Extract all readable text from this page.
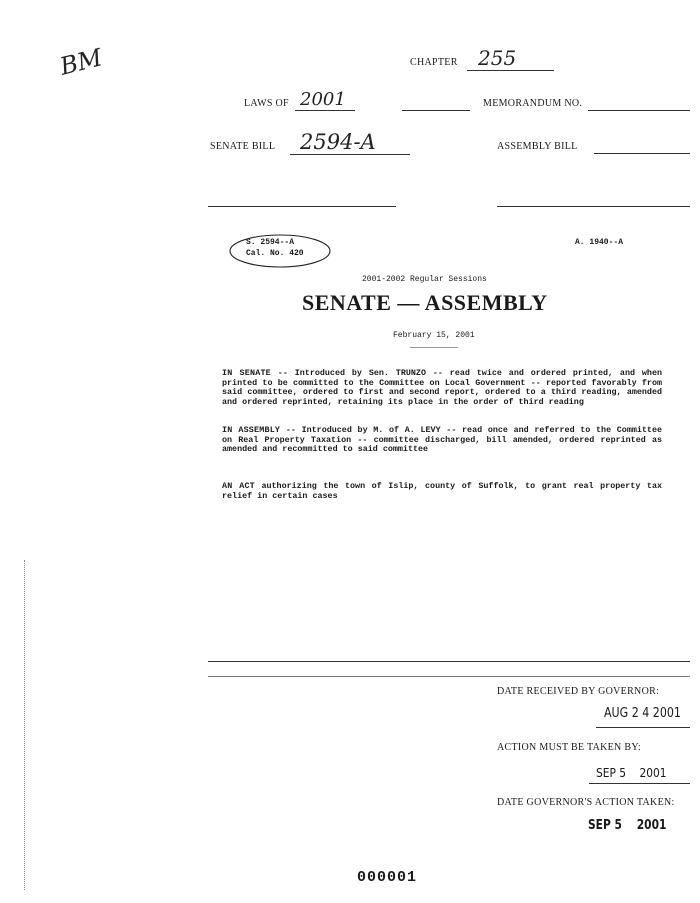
BM	CHAPTER 255
LAWS OF 2001	MEMORANDUM NO.
SENATE BILL 2594-A	ASSEMBLY BILL
S. 2594--A
Cal. No. 420
A. 1940--A
2001-2002 Regular Sessions
SENATE — ASSEMBLY
February 15, 2001
IN SENATE -- Introduced by Sen. TRUNZO -- read twice and ordered printed, and when printed to be committed to the Committee on Local Government -- reported favorably from said committee, ordered to first and second report, ordered to a third reading, amended and ordered reprinted, retaining its place in the order of third reading
IN ASSEMBLY -- Introduced by M. of A. LEVY -- read once and referred to the Committee on Real Property Taxation -- committee discharged, bill amended, ordered reprinted as amended and recommitted to said committee
AN ACT authorizing the town of Islip, county of Suffolk, to grant real property tax relief in certain cases
DATE RECEIVED BY GOVERNOR:
AUG 2 4 2001
ACTION MUST BE TAKEN BY:
SEP 5    2001
DATE GOVERNOR'S ACTION TAKEN:
SEP 5    2001
000001
